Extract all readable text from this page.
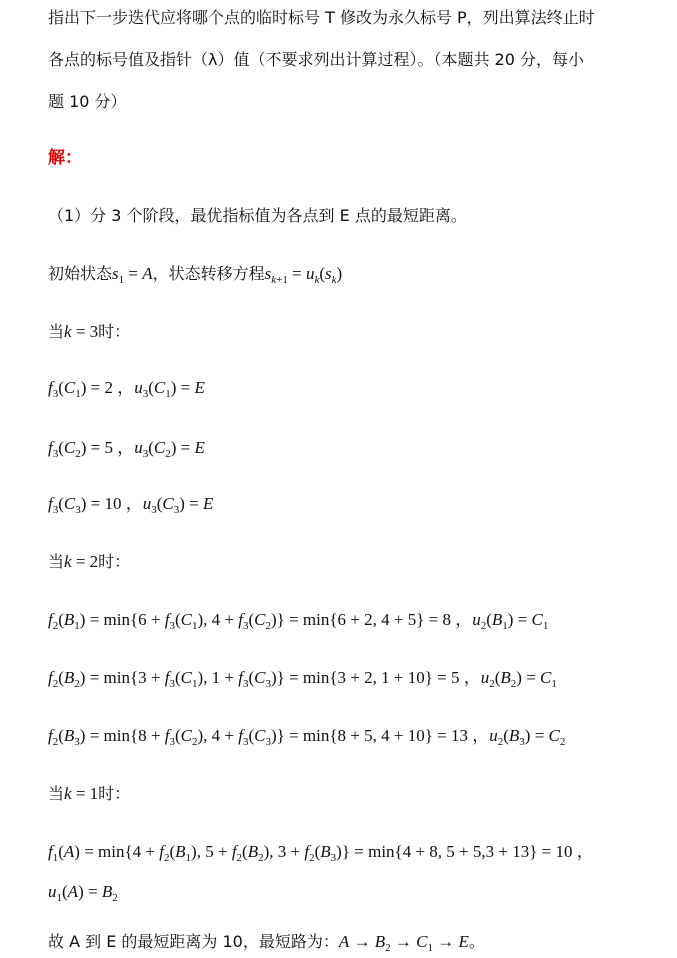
指出下一步迭代应将哪个点的临时标号 T 修改为永久标号 P，列出算法终止时
各点的标号值及指针（λ）值（不要求列出计算过程）。（本题共 20 分，每小
题 10 分）
解：
（1）分 3 个阶段，最优指标值为各点到 E 点的最短距离。
初始状态$s_1 = A$，状态转移方程$s_{k+1} = u_k(s_k)$
当k = 3时：
$f_3(C_1) = 2$ ，$u_3(C_1) = E$
$f_3(C_2) = 5$ ，$u_3(C_2) = E$
$f_3(C_3) = 10$ ，$u_3(C_3) = E$
当k = 2时：
$f_2(B_1) = \min\{6 + f_3(C_1)$, $4 + f_3(C_2)\} = \min\{6 + 2$, 4 + 5} = 8 ，$u_2(B_1) = C_1$
$f_2(B_2) = \min\{3 + f_3(C_1)$, $1 + f_3(C_3)\} = \min\{3 + 2$, 1 + 10} = 5 ，$u_2(B_2) = C_1$
$f_2(B_3) = \min\{8 + f_3(C_2)$, $4 + f_3(C_3)\} = \min\{8 + 5$, 4 + 10} = 13 ，$u_2(B_3) = C_2$
当k = 1时：
$f_1(A) = \min\{4 + f_2(B_1)$, $5 + f_2(B_2)$, $3 + f_2(B_3)\} = \min\{4 + 8$, 5 + 5,3 + 13} = 10 ，
$u_1(A) = B_2$
故 A 到 E 的最短距离为 10，最短路为：$A \to B_2 \to C_1 \to E$。
